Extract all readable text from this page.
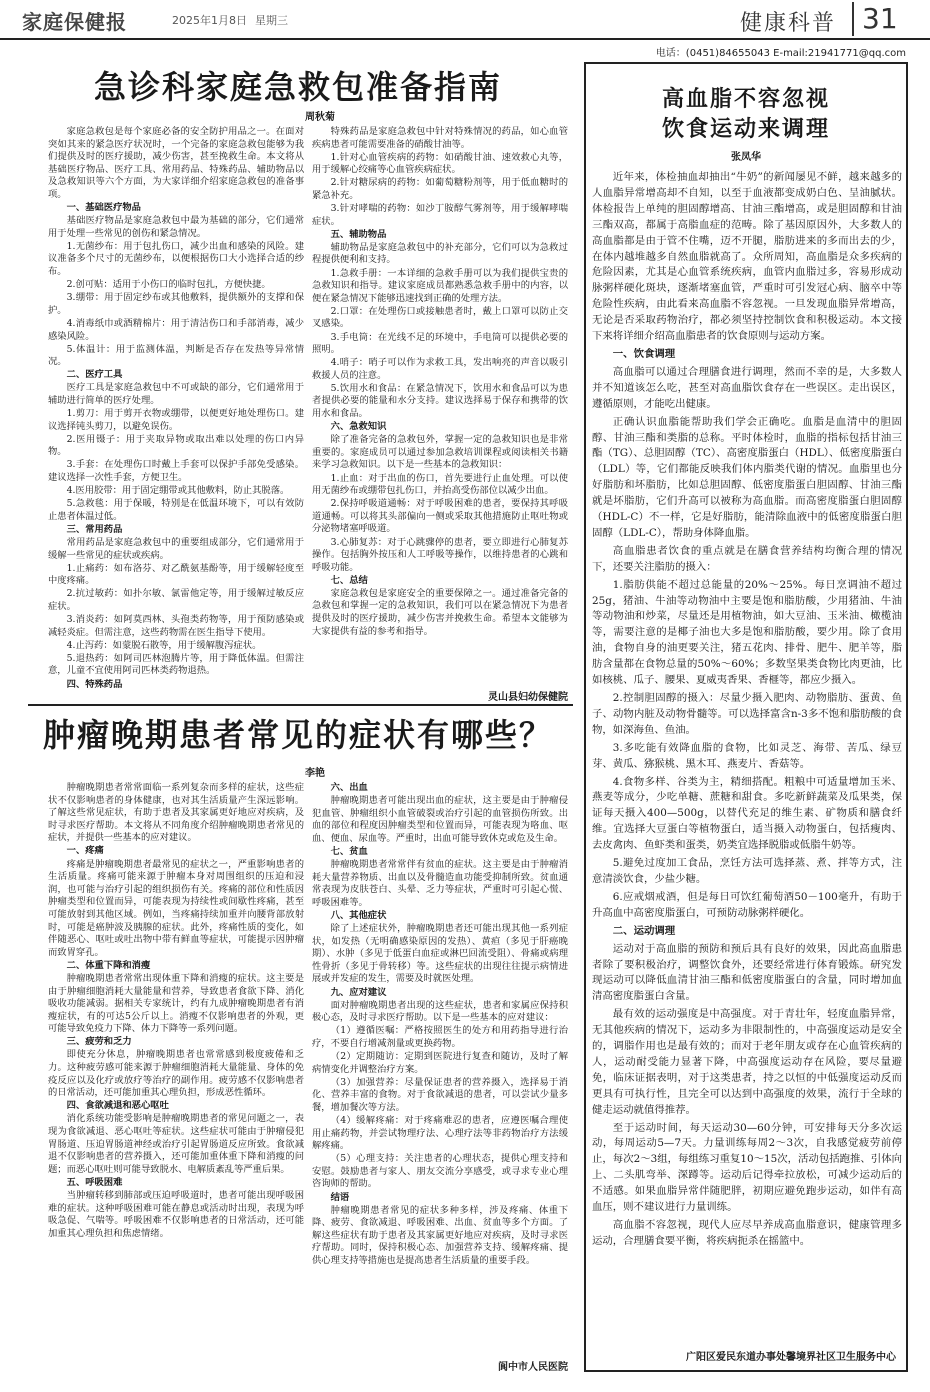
家庭保健报	2025年1月8日 星期三	健康科普 31
电话：(0451)84655043 E-mail:21941771@qq.com
急诊科家庭急救包准备指南
周秋菊

家庭急救包是每个家庭必备的安全防护用品之一。在面对突如其来的紧急医疗状况时，一个完备的家庭急救包能够为我们提供及时的医疗援助，减少伤害，甚至挽救生命。本文将从基础医疗物品、医疗工具、常用药品、特殊药品、辅助物品以及急救知识等六个方面，为大家详细介绍家庭急救包的准备事项。

一、基础医疗物品

基础医疗物品是家庭急救包中最为基础的部分，它们通常用于处理一些常见的创伤和紧急情况。

1.无菌纱布：用于包扎伤口，减少出血和感染的风险。建议准备多个尺寸的无菌纱布，以便根据伤口大小选择合适的纱布。

2.创可贴：适用于小伤口的临时包扎，方便快捷。

3.绷带：用于固定纱布或其他敷料，提供额外的支撑和保护。

4.消毒纸巾或酒精棉片：用于清洁伤口和手部消毒，减少感染风险。

5.体温计：用于监测体温，判断是否存在发热等异常情况。

二、医疗工具

医疗工具是家庭急救包中不可或缺的部分，它们通常用于辅助进行简单的医疗处理。

1.剪刀：用于剪开衣物或绷带，以便更好地处理伤口。建议选择钝头剪刀，以避免误伤。

2.医用镊子：用于夹取异物或取出难以处理的伤口内异物。

3.手套：在处理伤口时戴上手套可以保护手部免受感染。建议选择一次性手套，方便卫生。

4.医用胶带：用于固定绷带或其他敷料，防止其脱落。

5.急救毯：用于保暖，特别是在低温环境下，可以有效防止患者体温过低。

三、常用药品

常用药品是家庭急救包中的重要组成部分，它们通常用于缓解一些常见的症状或疾病。

1.止痛药：如布洛芬、对乙酰氨基酚等，用于缓解轻度至中度疼痛。

2.抗过敏药：如扑尔敏、氯雷他定等，用于缓解过敏反应症状。

3.消炎药：如阿莫西林、头孢类药物等，用于预防感染或减轻炎症。但需注意，这些药物需在医生指导下使用。

4.止泻药：如蒙脱石散等，用于缓解腹泻症状。

5.退热药：如阿司匹林泡腾片等，用于降低体温。但需注意，儿童不宜使用阿司匹林类药物退热。

四、特殊药品

特殊药品是家庭急救包中针对特殊情况的药品，如心血管疾病患者可能需要准备的硝酸甘油等。

1.针对心血管疾病的药物：如硝酸甘油、速效救心丸等，用于缓解心绞痛等心血管疾病症状。

2.针对糖尿病的药物：如葡萄糖粉剂等，用于低血糖时的紧急补充。

3.针对哮喘的药物：如沙丁胺醇气雾剂等，用于缓解哮喘症状。

五、辅助物品

辅助物品是家庭急救包中的补充部分，它们可以为急救过程提供便利和支持。

1.急救手册：一本详细的急救手册可以为我们提供宝贵的急救知识和指导。建议家庭成员都熟悉急救手册中的内容，以便在紧急情况下能够迅速找到正确的处理方法。

2.口罩：在处理伤口或接触患者时，戴上口罩可以防止交叉感染。

3.手电筒：在光线不足的环境中，手电筒可以提供必要的照明。

4.哨子：哨子可以作为求救工具，发出响亮的声音以吸引救援人员的注意。

5.饮用水和食品：在紧急情况下，饮用水和食品可以为患者提供必要的能量和水分支持。建议选择易于保存和携带的饮用水和食品。

六、急救知识

除了准备完备的急救包外，掌握一定的急救知识也是非常重要的。家庭成员可以通过参加急救培训课程或阅读相关书籍来学习急救知识。以下是一些基本的急救知识：

1.止血：对于出血的伤口，首先要进行止血处理。可以使用无菌纱布或绷带包扎伤口，并抬高受伤部位以减少出血。

2.保持呼吸道通畅：对于呼吸困难的患者，要保持其呼吸道通畅。可以将其头部偏向一侧或采取其他措施防止呕吐物或分泌物堵塞呼吸道。

3.心肺复苏：对于心跳骤停的患者，要立即进行心肺复苏操作。包括胸外按压和人工呼吸等操作，以维持患者的心跳和呼吸功能。

七、总结

家庭急救包是家庭安全的重要保障之一。通过准备完备的急救包和掌握一定的急救知识，我们可以在紧急情况下为患者提供及时的医疗援助，减少伤害并挽救生命。希望本文能够为大家提供有益的参考和指导。

灵山县妇幼保健院
肿瘤晚期患者常见的症状有哪些？
李艳

肿瘤晚期患者常常面临一系列复杂而多样的症状，这些症状不仅影响患者的身体健康，也对其生活质量产生深远影响。了解这些常见症状，有助于患者及其家属更好地应对疾病，及时寻求医疗帮助。本文将从不同角度介绍肿瘤晚期患者常见的症状，并提供一些基本的应对建议。

一、疼痛

疼痛是肿瘤晚期患者最常见的症状之一，严重影响患者的生活质量。疼痛可能来源于肿瘤本身对周围组织的压迫和浸润，也可能与治疗引起的组织损伤有关。疼痛的部位和性质因肿瘤类型和位置而异，可能表现为持续性或间歇性疼痛，甚至可能放射到其他区域。例如，当疼痛持续加重并向腰背部放射时，可能是癌肿波及胰腺的症状。此外，疼痛性质的变化，如伴随恶心、呕吐或吐出物中带有鲜血等症状，可能提示因肿瘤而致胃穿孔。

二、体重下降和消瘦

肿瘤晚期患者常常出现体重下降和消瘦的症状。这主要是由于肿瘤细胞消耗大量能量和营养，导致患者食欲下降、消化吸收功能减弱。据相关专家统计，约有九成肿瘤晚期患者有消瘦症状，有的可达5公斤以上。消瘦不仅影响患者的外观，更可能导致免疫力下降、体力下降等一系列问题。

三、疲劳和乏力

即使充分休息，肿瘤晚期患者也常常感到极度疲倦和乏力。这种疲劳感可能来源于肿瘤细胞消耗大量能量、身体的免疫反应以及化疗或放疗等治疗的副作用。疲劳感不仅影响患者的日常活动，还可能加重其心理负担，形成恶性循环。

四、食欲减退和恶心呕吐

消化系统功能受影响是肿瘤晚期患者的常见问题之一，表现为食欲减退、恶心呕吐等症状。这些症状可能由于肿瘤侵犯胃肠道、压迫胃肠道神经或治疗引起胃肠道反应所致。食欲减退不仅影响患者的营养摄入，还可能加重体重下降和消瘦的问题；而恶心呕吐则可能导致脱水、电解质紊乱等严重后果。

五、呼吸困难

当肿瘤转移到肺部或压迫呼吸道时，患者可能出现呼吸困难的症状。这种呼吸困难可能在静息或活动时出现，表现为呼吸急促、气喘等。呼吸困难不仅影响患者的日常活动，还可能加重其心理负担和焦虑情绪。

六、出血

肿瘤晚期患者可能出现出血的症状，这主要是由于肿瘤侵犯血管、肿瘤组织小血管破裂或治疗引起的血管损伤所致。出血的部位和程度因肿瘤类型和位置而异，可能表现为咯血、呕血、便血、尿血等。严重时，出血可能导致休克或危及生命。

七、贫血

肿瘤晚期患者常常伴有贫血的症状。这主要是由于肿瘤消耗大量营养物质、出血以及骨髓造血功能受抑制所致。贫血通常表现为皮肤苍白、头晕、乏力等症状，严重时可引起心慌、呼吸困难等。

八、其他症状

除了上述症状外，肿瘤晚期患者还可能出现其他一系列症状，如发热（无明确感染原因的发热）、黄疸（多见于肝癌晚期）、水肿（多见于低蛋白血症或淋巴回流受阻）、骨痛或病理性骨折（多见于骨转移）等。这些症状的出现往往提示病情进展或并发症的发生，需要及时就医处理。

九、应对建议

面对肿瘤晚期患者出现的这些症状，患者和家属应保持积极心态，及时寻求医疗帮助。以下是一些基本的应对建议：

（1）遵循医嘱：严格按照医生的处方和用药指导进行治疗，不要自行增减剂量或更换药物。

（2）定期随访：定期到医院进行复查和随访，及时了解病情变化并调整治疗方案。

（3）加强营养：尽量保证患者的营养摄入，选择易于消化、营养丰富的食物。对于食欲减退的患者，可以尝试少量多餐，增加餐次等方法。

（4）缓解疼痛：对于疼痛难忍的患者，应遵医嘱合理使用止痛药物，并尝试物理疗法、心理疗法等非药物治疗方法缓解疼痛。

（5）心理支持：关注患者的心理状态，提供心理支持和安慰。鼓励患者与家人、朋友交流分享感受，或寻求专业心理咨询师的帮助。

结语

肿瘤晚期患者常见的症状多种多样，涉及疼痛、体重下降、疲劳、食欲减退、呼吸困难、出血、贫血等多个方面。了解这些症状有助于患者及其家属更好地应对疾病，及时寻求医疗帮助。同时，保持积极心态、加强营养支持、缓解疼痛、提供心理支持等措施也是提高患者生活质量的重要手段。

阆中市人民医院
高血脂不容忽视
饮食运动来调理
张凤华

近年来，体检抽血却抽出“牛奶”的新闻屡见不鲜，越来越多的人血脂异常增高却不自知，以至于血液都变成奶白色、呈油腻状。体检报告上单纯的胆固醇增高、甘油三酯增高，或是胆固醇和甘油三酯双高，都属于高脂血症的范畴。除了基因原因外，大多数人的高血脂都是由于管不住嘴，迈不开腿，脂肪进来的多而出去的少，在体内越堆越多自然血脂就高了。众所周知，高血脂是众多疾病的危险因素，尤其是心血管系统疾病，血管内血脂过多，容易形成动脉粥样硬化斑块，逐渐堵塞血管，严重时可引发冠心病、脑卒中等危险性疾病，由此看来高血脂不容忽视。一旦发现血脂异常增高，无论是否采取药物治疗，都必须坚持控制饮食和积极运动。本文接下来将详细介绍高血脂患者的饮食原则与运动方案。

一、饮食调理

高血脂可以通过合理膳食进行调理，然而不幸的是，大多数人并不知道该怎么吃，甚至对高血脂饮食存在一些误区。走出误区，遵循原则，才能吃出健康。

正确认识血脂能帮助我们学会正确吃。血脂是血清中的胆固醇、甘油三酯和类脂的总称。平时体检时，血脂的指标包括甘油三酯（TG）、总胆固醇（TC）、高密度脂蛋白（HDL）、低密度脂蛋白（LDL）等，它们都能反映我们体内脂类代谢的情况。血脂里也分好脂肪和坏脂肪，比如总胆固醇、低密度脂蛋白胆固醇、甘油三酯就是坏脂肪，它们升高可以被称为高血脂。而高密度脂蛋白胆固醇（HDL-C）不一样，它是好脂肪，能清除血液中的低密度脂蛋白胆固醇（LDL-C），帮助身体降血脂。

高血脂患者饮食的重点就是在膳食营养结构均衡合理的情况下，还要关注脂肪的摄入：

1.脂肪供能不超过总能量的20%～25%。每日烹调油不超过25g，猪油、牛油等动物油中主要是饱和脂肪酸，少用猪油、牛油等动物油和炒菜，尽量还是用植物油，如大豆油、玉米油、橄榄油等，需要注意的是椰子油也大多是饱和脂肪酸，要少用。除了食用油，食物自身的油更要关注，猪五花肉、排骨、肥牛、肥羊等，脂肪含量都在食物总量的50%～60%；多数坚果类食物比肉更油，比如核桃、瓜子、腰果、夏威夷香果、香榧等，都应少摄入。

2.控制胆固醇的摄入：尽量少摄入肥肉、动物脂肪、蛋黄、鱼子、动物内脏及动物骨髓等。可以选择富含n-3多不饱和脂肪酸的食物，如深海鱼、鱼油。

3.多吃能有效降血脂的食物，比如灵芝、海带、苦瓜、绿豆芽、黄瓜、猕猴桃、黑木耳、燕麦片、香菇等。

4.食物多样、谷类为主，精细搭配。粗粮中可适量增加玉米、燕麦等成分，少吃单糖、蔗糖和甜食。多吃新鲜蔬菜及瓜果类，保证每天摄入400—500g，以替代充足的维生素、矿物质和膳食纤维。宜选择大豆蛋白等植物蛋白，适当摄入动物蛋白，包括瘦肉、去皮禽肉、鱼虾类和蛋类，奶类宜选择脱脂或低脂牛奶等。

5.避免过度加工食品，烹饪方法可选择蒸、煮、拌等方式，注意清淡饮食，少盐少糖。

6.应戒烟戒酒，但是每日可饮红葡萄酒50－100毫升，有助于升高血中高密度脂蛋白，可预防动脉粥样硬化。

二、运动调理

运动对于高血脂的预防和预后具有良好的效果，因此高血脂患者除了要积极治疗，调整饮食外，还要经常进行体育锻炼。研究发现运动可以降低血清甘油三酯和低密度脂蛋白的含量，同时增加血清高密度脂蛋白含量。

最有效的运动强度是中高强度。对于青壮年，轻度血脂异常，无其他疾病的情况下，运动多为非限制性的，中高强度运动是安全的，调脂作用也是最有效的；而对于老年朋友或存在心血管疾病的人，运动耐受能力显著下降，中高强度运动存在风险，要尽量避免，临床证据表明，对于这类患者，持之以恒的中低强度运动反而更具有可执行性，且完全可以达到中高强度的效果，流行于全球的健走运动就值得推荐。

至于运动时间，每天运动30—60分钟，可安排每天分多次运动，每周运动5—7天。力量训练每周2～3次，自我感觉疲劳前停止，每次2～3组，每组练习重复10～15次，活动包括跑推、引体向上、二头肌弯举、深蹲等。运动后记得牵拉放松，可减少运动后的不适感。如果血脂异常伴随肥胖，初期应避免跑步运动，如伴有高血压，则不建议进行力量训练。

高血脂不容忽视，现代人应尽早养成高血脂意识，健康管理多运动，合理膳食要平衡，将疾病扼杀在摇篮中。

广阳区爱民东道办事处馨境界社区卫生服务中心
